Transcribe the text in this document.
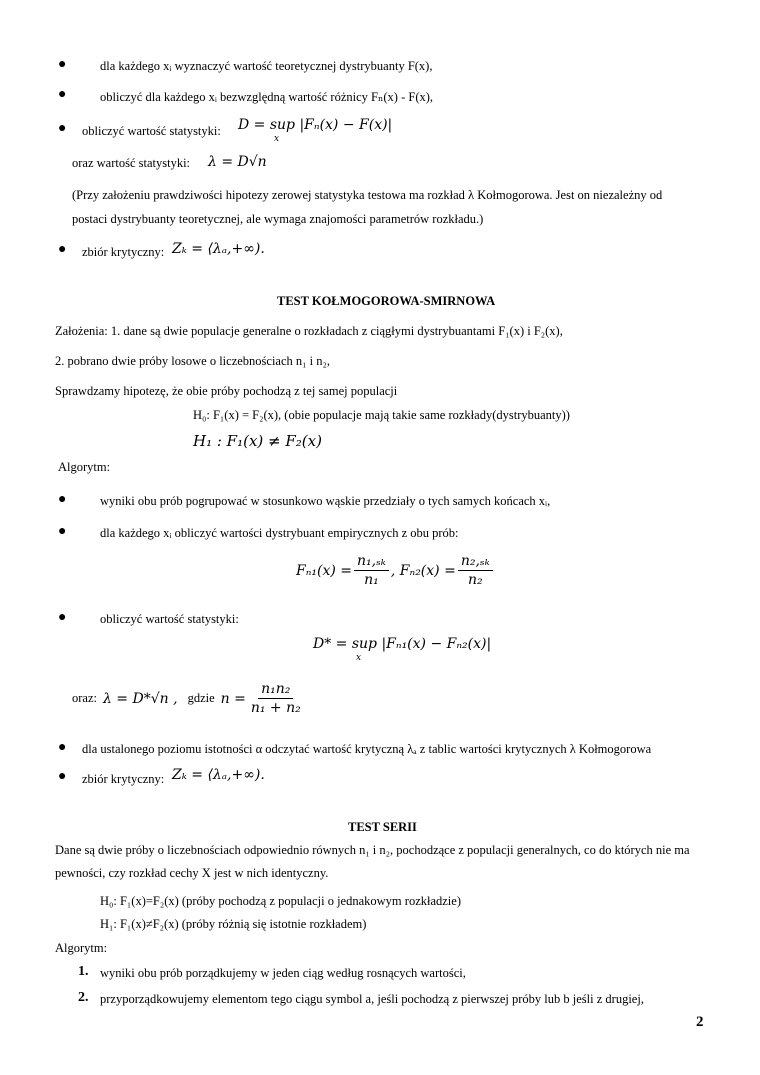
●	dla każdego xᵢ wyznaczyć wartość teoretycznej dystrybuanty F(x),
●	obliczyć dla każdego xᵢ bezwzględną wartość różnicy Fₙ(x) - F(x),
● obliczyć wartość statystyki: D = sup |Fₙ(x) − F(x)|
x
oraz wartość statystyki: λ = D√n
(Przy założeniu prawdziwości hipotezy zerowej statystyka testowa ma rozkład λ Kołmogorowa. Jest on niezależny od
postaci dystrybuanty teoretycznej, ale wymaga znajomości parametrów rozkładu.)
● zbiór krytyczny: Zₖ = ⟨λₐ,+∞).
TEST KOŁMOGOROWA-SMIRNOWA
Założenia: 1. dane są dwie populacje generalne o rozkładach z ciągłymi dystrybuantami F₁(x) i F₂(x),
2. pobrano dwie próby losowe o liczebnościach n₁ i n₂,
Sprawdzamy hipotezę, że obie próby pochodzą z tej samej populacji
H₀: F₁(x) = F₂(x), (obie populacje mają takie same rozkłady(dystrybuanty))
H₁ : F₁(x) ≠ F₂(x)
Algorytm:
●	wyniki obu prób pogrupować w stosunkowo wąskie przedziały o tych samych końcach xᵢ,
●	dla każdego xᵢ obliczyć wartości dystrybuant empirycznych z obu prób:
$F_{n1}(x) = \frac{\text{n₁,ₛₖ}}{\text{n₁}}$ , $F_{n2}(x) = \frac{\text{n₂,ₛₖ}}{\text{n₂}}$
●	obliczyć wartość statystyki:
D* = sup |Fₙ₁(x) − Fₙ₂(x)|
x
oraz: λ = D*√n , gdzie $n = \frac{\text{n₁n₂}}{\text{n₁ + n₂}}$
● dla ustalonego poziomu istotności α odczytać wartość krytyczną λₐ z tablic wartości krytycznych λ Kołmogorowa
● zbiór krytyczny: Zₖ = ⟨λₐ,+∞).
TEST SERII
Dane są dwie próby o liczebnościach odpowiednio równych n₁ i n₂, pochodzące z populacji generalnych, co do których nie ma
pewności, czy rozkład cechy X jest w nich identyczny.
H₀: F₁(x)=F₂(x) (próby pochodzą z populacji o jednakowym rozkładzie)
H₁: F₁(x)≠F₂(x) (próby różnią się istotnie rozkładem)
Algorytm:
1. wyniki obu prób porządkujemy w jeden ciąg według rosnących wartości,
2. przyporządkowujemy elementom tego ciągu symbol a, jeśli pochodzą z pierwszej próby lub b jeśli z drugiej,
2
